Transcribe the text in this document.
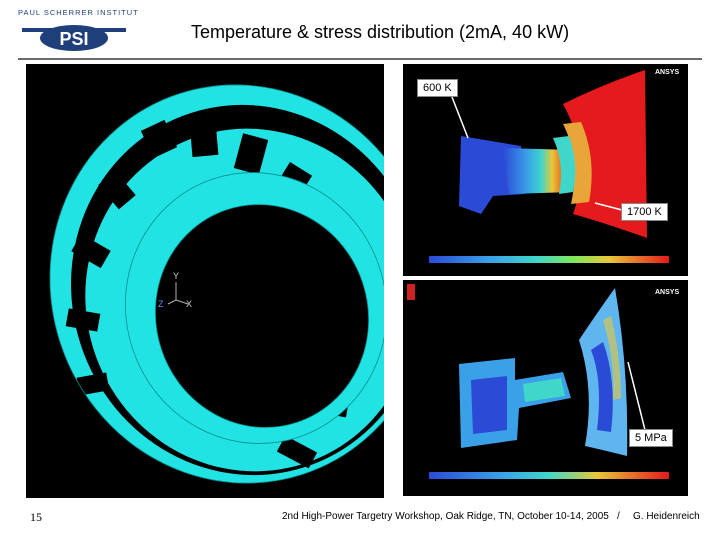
PAUL SCHERRER INSTITUT
PSI	Temperature & stress distribution (2mA, 40 kW)
Y
Z	X
ANSYS
ANSYS
600 K
1700 K
5 MPa
15	2nd High-Power Targetry Workshop, Oak Ridge, TN, October 10-14, 2005 / G. Heidenreich
